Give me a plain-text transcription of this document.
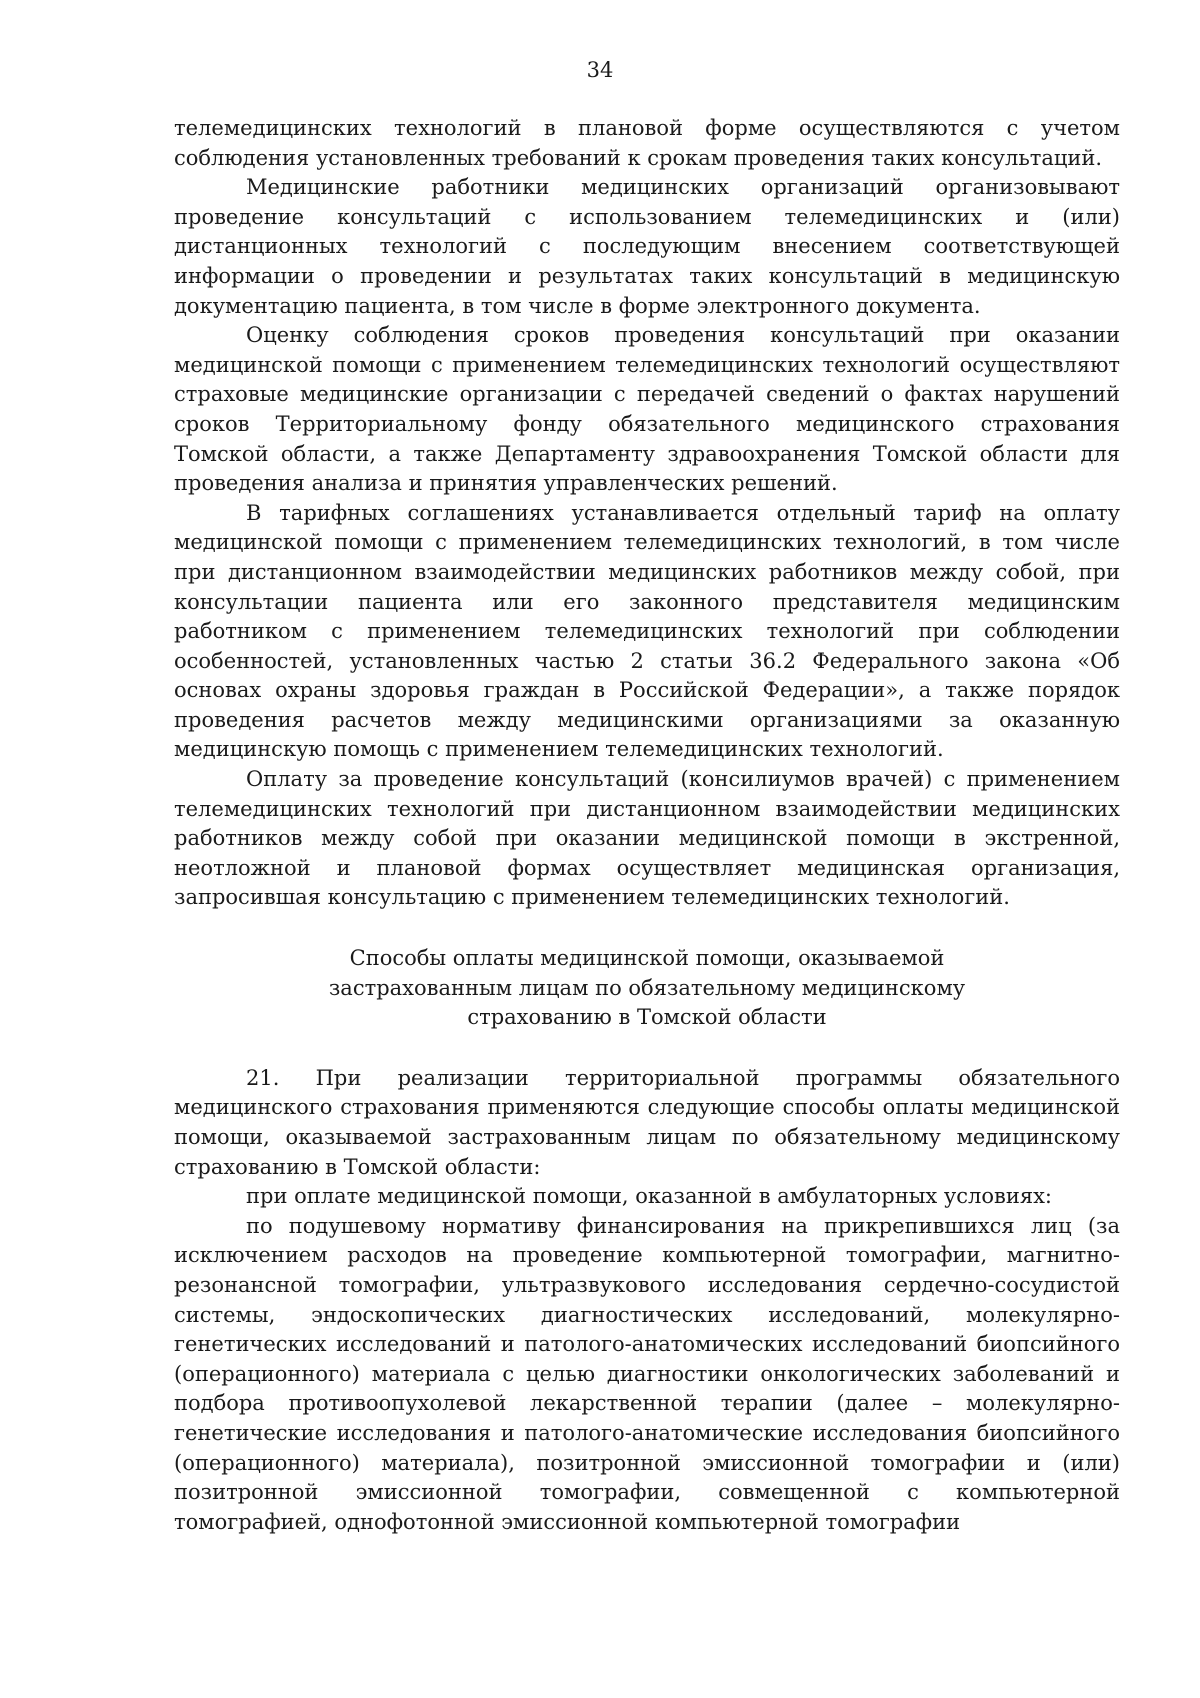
34

телемедицинских технологий в плановой форме осуществляются с учетом соблюдения установленных требований к срокам проведения таких консультаций.

Медицинские работники медицинских организаций организовывают проведение консультаций с использованием телемедицинских и (или) дистанционных технологий с последующим внесением соответствующей информации о проведении и результатах таких консультаций в медицинскую документацию пациента, в том числе в форме электронного документа.

Оценку соблюдения сроков проведения консультаций при оказании медицинской помощи с применением телемедицинских технологий осуществляют страховые медицинские организации с передачей сведений о фактах нарушений сроков Территориальному фонду обязательного медицинского страхования Томской области, а также Департаменту здравоохранения Томской области для проведения анализа и принятия управленческих решений.

В тарифных соглашениях устанавливается отдельный тариф на оплату медицинской помощи с применением телемедицинских технологий, в том числе при дистанционном взаимодействии медицинских работников между собой, при консультации пациента или его законного представителя медицинским работником с применением телемедицинских технологий при соблюдении особенностей, установленных частью 2 статьи 36.2 Федерального закона «Об основах охраны здоровья граждан в Российской Федерации», а также порядок проведения расчетов между медицинскими организациями за оказанную медицинскую помощь с применением телемедицинских технологий.

Оплату за проведение консультаций (консилиумов врачей) с применением телемедицинских технологий при дистанционном взаимодействии медицинских работников между собой при оказании медицинской помощи в экстренной, неотложной и плановой формах осуществляет медицинская организация, запросившая консультацию с применением телемедицинских технологий.

Способы оплаты медицинской помощи, оказываемой
застрахованным лицам по обязательному медицинскому
страхованию в Томской области

21. При реализации территориальной программы обязательного медицинского страхования применяются следующие способы оплаты медицинской помощи, оказываемой застрахованным лицам по обязательному медицинскому страхованию в Томской области:

при оплате медицинской помощи, оказанной в амбулаторных условиях:

по подушевому нормативу финансирования на прикрепившихся лиц (за исключением расходов на проведение компьютерной томографии, магнитно-резонансной томографии, ультразвукового исследования сердечно-сосудистой системы, эндоскопических диагностических исследований, молекулярно-генетических исследований и патолого-анатомических исследований биопсийного (операционного) материала с целью диагностики онкологических заболеваний и подбора противоопухолевой лекарственной терапии (далее – молекулярно-генетические исследования и патолого-анатомические исследования биопсийного (операционного) материала), позитронной эмиссионной томографии и (или) позитронной эмиссионной томографии, совмещенной с компьютерной томографией, однофотонной эмиссионной компьютерной томографии
